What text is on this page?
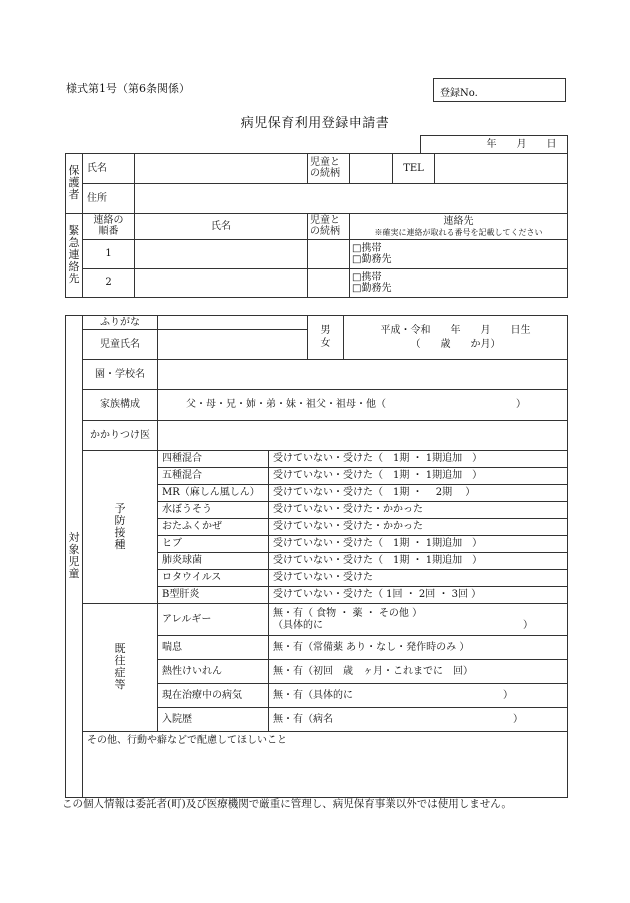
様式第1号（第6条関係）	登録No.
病児保育利用登録申請書
	年　　 月　　 日
保護者	氏名		児童との続柄		TEL	
	住所					
緊急連絡先	連絡の順番	氏名	児童との続柄	連絡先
※確実に連絡が取れる番号を記載してください		

	1			□携帯
□勤務先		

	2			□携帯
□勤務先		
対象児童	ふりがな			男
女	平成・令和　　年　　月　　日生
（　　歳　　か月）

	児童氏名				
	園・学校名				
	家族構成	父・母・兄・姉・弟・妹・祖父・祖母・他（　　　　　　　　　　　　　）			
	かかりつけ医				
	予防接種	四種混合	受けていない・受けた（　1期 ・ 1期追加　）		
		五種混合	受けていない・受けた（　1期 ・ 1期追加　）		
		MR（麻しん風しん）	受けていない・受けた（　1期 ・　 2期　 ）		
		水ぼうそう	受けていない・受けた・かかった		
		おたふくかぜ	受けていない・受けた・かかった		
		ヒブ	受けていない・受けた（　1期 ・ 1期追加　）		
		肺炎球菌	受けていない・受けた（　1期 ・ 1期追加　）		
		ロタウイルス	受けていない・受けた		
		B型肝炎	受けていない・受けた（ 1回 ・ 2回 ・ 3回 ）		
	既往症等	アレルギー	無・有（ 食物 ・ 薬 ・ その他 ）
（具体的に　　　　　　　　　　　　　　　　　　　　）		

		喘息	無・有（常備薬 あり・なし・発作時のみ ）		
		熱性けいれん	無・有（初回　歳　ヶ月・これまでに　回）		
		現在治療中の病気	無・有（具体的に　　　　　　　　　　　　　　　）		
		入院歴	無・有（病名　　　　　　　　　　　　　　　　　　）		
	その他、行動や癖などで配慮してほしいこと				
この個人情報は委託者(町)及び医療機関で厳重に管理し、病児保育事業以外では使用しません。
